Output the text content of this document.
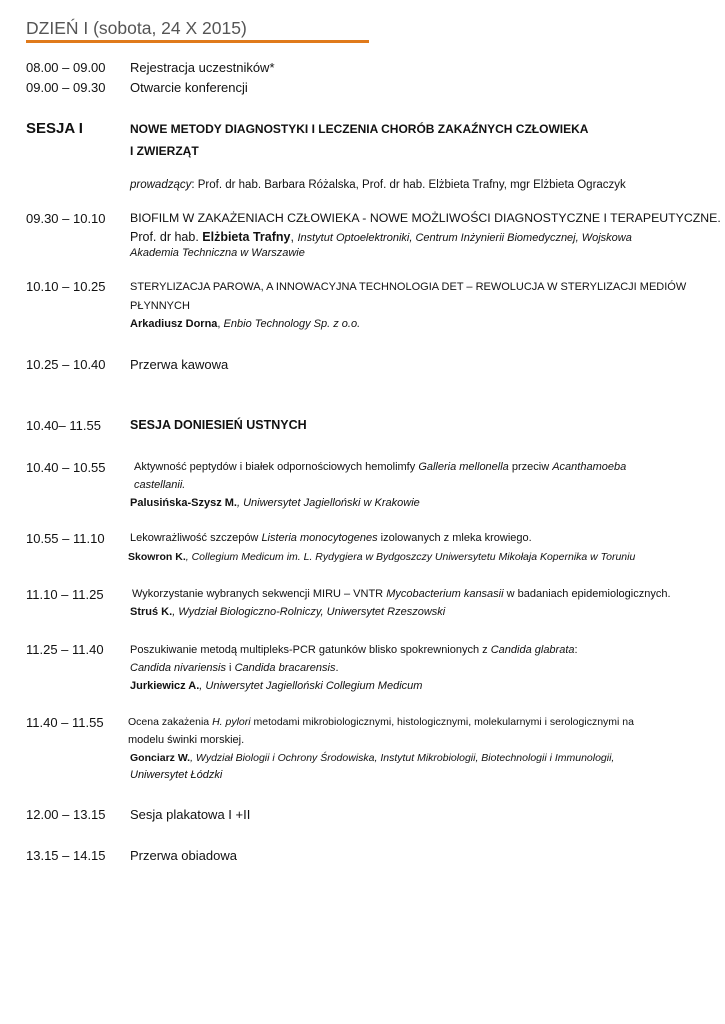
DZIEŃ I (sobota, 24 X 2015)
08.00 – 09.00 Rejestracja uczestników*
09.00 – 09.30 Otwarcie konferencji
SESJA I	NOWE METODY DIAGNOSTYKI I LECZENIA CHORÓB ZAKAŹNYCH CZŁOWIEKA
I ZWIERZĄT
prowadzący: Prof. dr hab. Barbara Różalska, Prof. dr hab. Elżbieta Trafny, mgr Elżbieta Ograczyk
09.30 – 10.10 BIOFILM W ZAKAŻENIACH CZŁOWIEKA - NOWE MOŻLIWOŚCI DIAGNOSTYCZNE I TERAPEUTYCZNE.
Prof. dr hab. Elżbieta Trafny, Instytut Optoelektroniki, Centrum Inżynierii Biomedycznej, Wojskowa
Akademia Techniczna w Warszawie
10.10 – 10.25 STERYLIZACJA PAROWA, A INNOWACYJNA TECHNOLOGIA DET – REWOLUCJA W STERYLIZACJI MEDIÓW
PŁYNNYCH
Arkadiusz Dorna, Enbio Technology Sp. z o.o.
10.25 – 10.40 Przerwa kawowa
10.40– 11.55 SESJA DONIESIEŃ USTNYCH
10.40 – 10.55	Aktywność peptydów i białek odpornościowych hemolimfy Galleria mellonella przeciw Acanthamoeba
castellanii.
Palusińska-Szysz M., Uniwersytet Jagielloński w Krakowie
10.55 – 11.10 Lekowrażliwość szczepów Listeria monocytogenes izolowanych z mleka krowiego.
Skowron K., Collegium Medicum im. L. Rydygiera w Bydgoszczy Uniwersytetu Mikołaja Kopernika w Toruniu
11.10 – 11.25	Wykorzystanie wybranych sekwencji MIRU – VNTR Mycobacterium kansasii w badaniach epidemiologicznych.
Struś K., Wydział Biologiczno-Rolniczy, Uniwersytet Rzeszowski
11.25 – 11.40 Poszukiwanie metodą multipleks-PCR gatunków blisko spokrewnionych z Candida glabrata:
Candida nivariensis i Candida bracarensis.
Jurkiewicz A., Uniwersytet Jagielloński Collegium Medicum
11.40 – 11.55 Ocena zakażenia H. pylori metodami mikrobiologicznymi, histologicznymi, molekularnymi i serologicznymi na
modelu świnki morskiej.
Gonciarz W., Wydział Biologii i Ochrony Środowiska, Instytut Mikrobiologii, Biotechnologii i Immunologii,
Uniwersytet Łódzki
12.00 – 13.15 Sesja plakatowa I +II
13.15 – 14.15 Przerwa obiadowa
